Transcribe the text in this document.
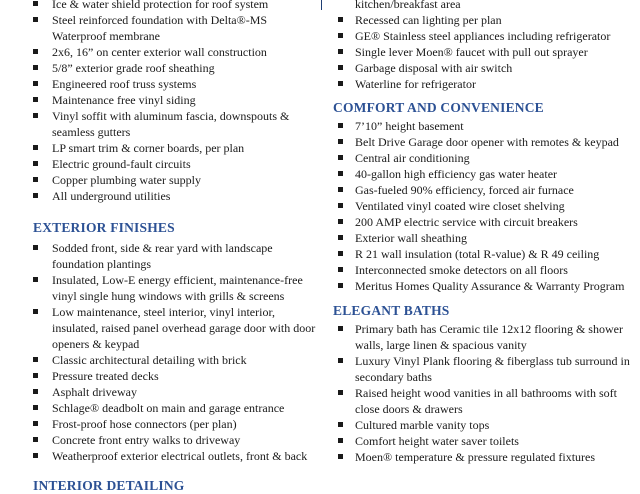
Ice & water shield protection for roof system
Steel reinforced foundation with Delta®-MS Waterproof membrane
2x6, 16” on center exterior wall construction
5/8” exterior grade roof sheathing
Engineered roof truss systems
Maintenance free vinyl siding
Vinyl soffit with aluminum fascia, downspouts & seamless gutters
LP smart trim & corner boards, per plan
Electric ground-fault circuits
Copper plumbing water supply
All underground utilities
EXTERIOR FINISHES
Sodded front, side & rear yard with landscape foundation plantings
Insulated, Low-E energy efficient, maintenance-free vinyl single hung windows with grills & screens
Low maintenance, steel interior, vinyl interior, insulated, raised panel overhead garage door with door openers & keypad
Classic architectural detailing with brick
Pressure treated decks
Asphalt driveway
Schlage® deadbolt on main and garage entrance
Frost-proof hose connectors (per plan)
Concrete front entry walks to driveway
Weatherproof exterior electrical outlets, front & back
INTERIOR DETAILING
kitchen/breakfast area
Recessed can lighting per plan
GE® Stainless steel appliances including refrigerator
Single lever Moen® faucet with pull out sprayer
Garbage disposal with air switch
Waterline for refrigerator
COMFORT AND CONVENIENCE
7’10” height basement
Belt Drive Garage door opener with remotes & keypad
Central air conditioning
40-gallon high efficiency gas water heater
Gas-fueled 90% efficiency, forced air furnace
Ventilated vinyl coated wire closet shelving
200 AMP electric service with circuit breakers
Exterior wall sheathing
R 21 wall insulation (total R-value) & R 49 ceiling
Interconnected smoke detectors on all floors
Meritus Homes Quality Assurance & Warranty Program
ELEGANT BATHS
Primary bath has Ceramic tile 12x12 flooring & shower walls, large linen & spacious vanity
Luxury Vinyl Plank flooring & fiberglass tub surround in secondary baths
Raised height wood vanities in all bathrooms with soft close doors & drawers
Cultured marble vanity tops
Comfort height water saver toilets
Moen® temperature & pressure regulated fixtures
